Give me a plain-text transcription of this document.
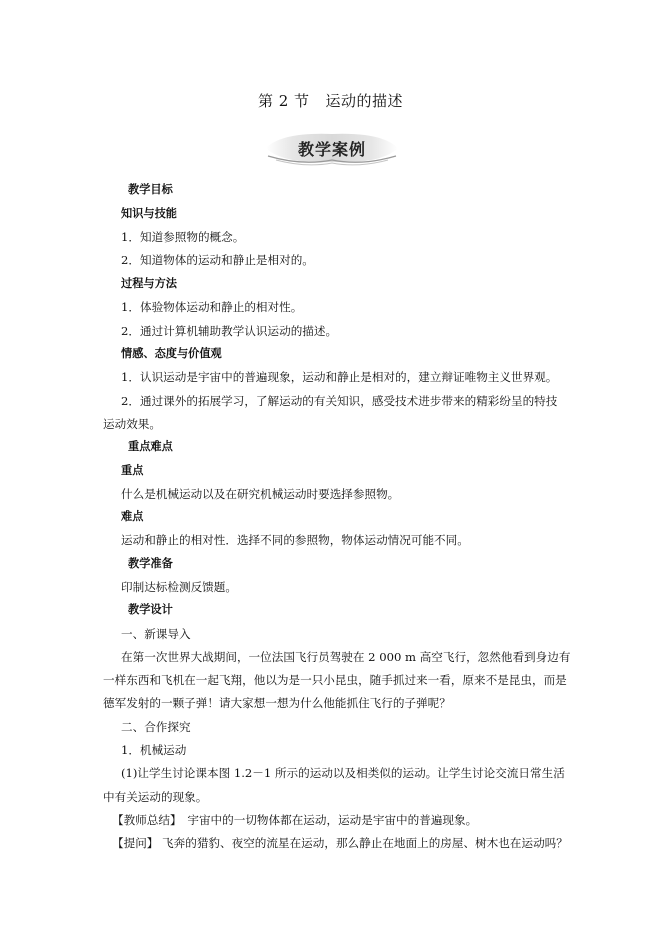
第 2 节 运动的描述
教学案例
教学目标
知识与技能
1．知道参照物的概念。
2．知道物体的运动和静止是相对的。
过程与方法
1．体验物体运动和静止的相对性。
2．通过计算机辅助教学认识运动的描述。
情感、态度与价值观
1．认识运动是宇宙中的普遍现象，运动和静止是相对的，建立辩证唯物主义世界观。
2．通过课外的拓展学习，了解运动的有关知识，感受技术进步带来的精彩纷呈的特技
运动效果。
重点难点
重点
什么是机械运动以及在研究机械运动时要选择参照物。
难点
运动和静止的相对性．选择不同的参照物，物体运动情况可能不同。
教学准备
印制达标检测反馈题。
教学设计
一、新课导入
在第一次世界大战期间，一位法国飞行员驾驶在 2 000 m 高空飞行，忽然他看到身边有
一样东西和飞机在一起飞翔，他以为是一只小昆虫，随手抓过来一看，原来不是昆虫，而是
德军发射的一颗子弹！请大家想一想为什么他能抓住飞行的子弹呢？
二、合作探究
1．机械运动
(1)让学生讨论课本图 1.2－1 所示的运动以及相类似的运动。让学生讨论交流日常生活
中有关运动的现象。
【教师总结】　宇宙中的一切物体都在运动，运动是宇宙中的普遍现象。
【提问】 飞奔的猎豹、夜空的流星在运动，那么静止在地面上的房屋、树木也在运动吗？
